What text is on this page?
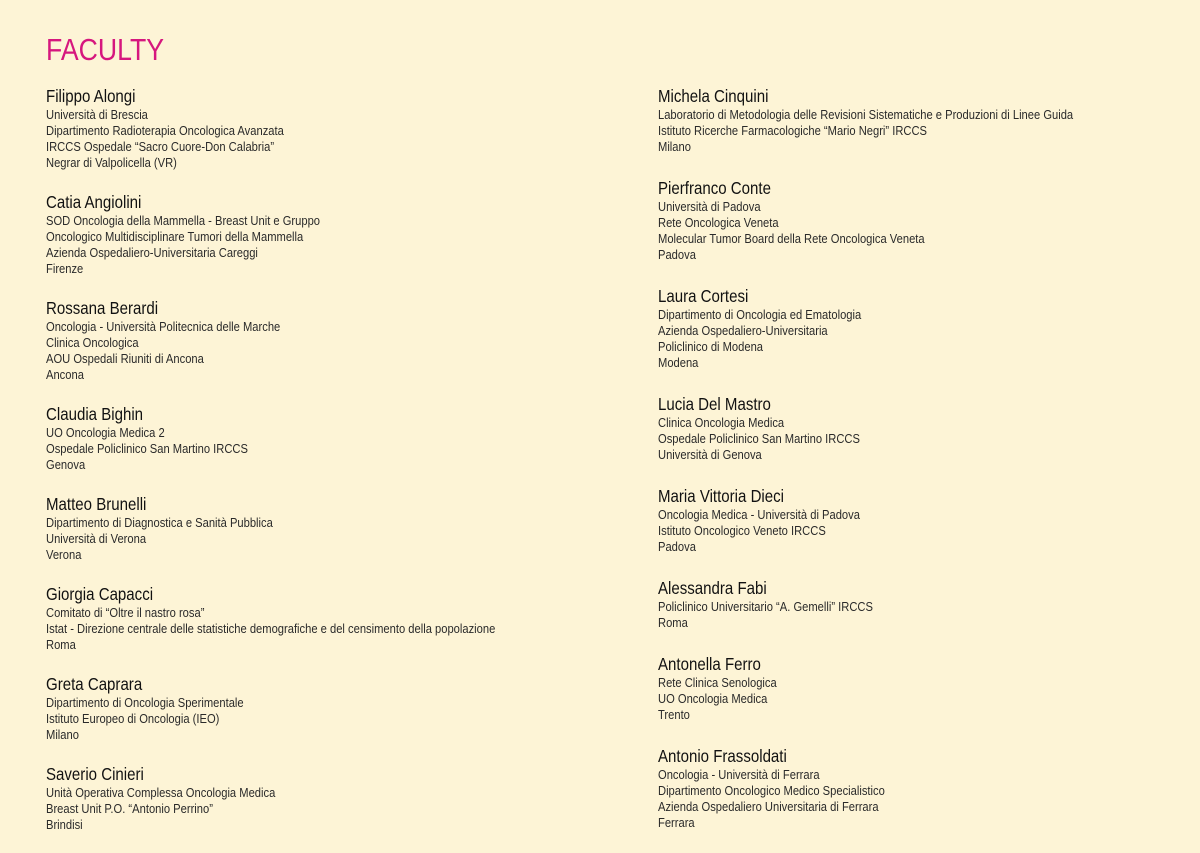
FACULTY
Filippo Alongi
Università di Brescia
Dipartimento Radioterapia Oncologica Avanzata
IRCCS Ospedale “Sacro Cuore-Don Calabria”
Negrar di Valpolicella (VR)
Catia Angiolini
SOD Oncologia della Mammella - Breast Unit e Gruppo
Oncologico Multidisciplinare Tumori della Mammella
Azienda Ospedaliero-Universitaria Careggi
Firenze
Rossana Berardi
Oncologia - Università Politecnica delle Marche
Clinica Oncologica
AOU Ospedali Riuniti di Ancona
Ancona
Claudia Bighin
UO Oncologia Medica 2
Ospedale Policlinico San Martino IRCCS
Genova
Matteo Brunelli
Dipartimento di Diagnostica e Sanità Pubblica
Università di Verona
Verona
Giorgia Capacci
Comitato di “Oltre il nastro rosa”
Istat - Direzione centrale delle statistiche demografiche e del censimento della popolazione
Roma
Greta Caprara
Dipartimento di Oncologia Sperimentale
Istituto Europeo di Oncologia (IEO)
Milano
Saverio Cinieri
Unità Operativa Complessa Oncologia Medica
Breast Unit P.O. “Antonio Perrino”
Brindisi
Michela Cinquini
Laboratorio di Metodologia delle Revisioni Sistematiche e Produzioni di Linee Guida
Istituto Ricerche Farmacologiche “Mario Negri” IRCCS
Milano
Pierfranco Conte
Università di Padova
Rete Oncologica Veneta
Molecular Tumor Board della Rete Oncologica Veneta
Padova
Laura Cortesi
Dipartimento di Oncologia ed Ematologia
Azienda Ospedaliero-Universitaria
Policlinico di Modena
Modena
Lucia Del Mastro
Clinica Oncologia Medica
Ospedale Policlinico San Martino IRCCS
Università di Genova
Maria Vittoria Dieci
Oncologia Medica - Università di Padova
Istituto Oncologico Veneto IRCCS
Padova
Alessandra Fabi
Policlinico Universitario “A. Gemelli” IRCCS
Roma
Antonella Ferro
Rete Clinica Senologica
UO Oncologia Medica
Trento
Antonio Frassoldati
Oncologia - Università di Ferrara
Dipartimento Oncologico Medico Specialistico
Azienda Ospedaliero Universitaria di Ferrara
Ferrara
